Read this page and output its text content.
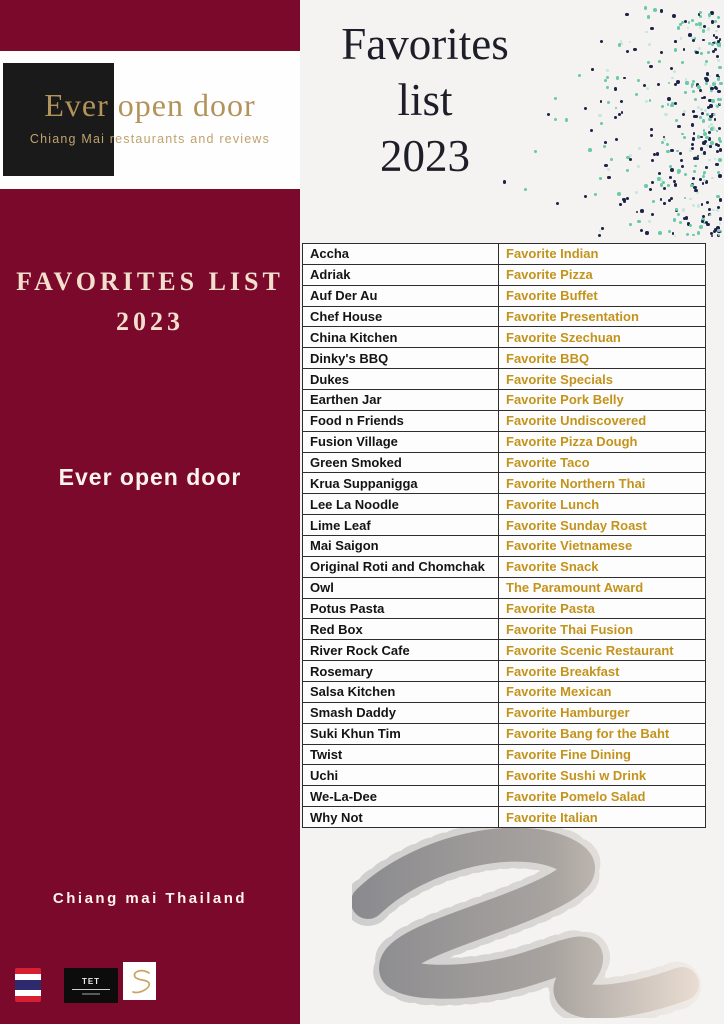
Ever open door
Chiang Mai restaurants and reviews
FAVORITES LIST
2023
Ever open door
Chiang mai Thailand
TET
Favorites
list
2023
Accha	Favorite Indian
Adriak	Favorite Pizza
Auf Der Au	Favorite Buffet
Chef House	Favorite Presentation
China Kitchen	Favorite Szechuan
Dinky's BBQ	Favorite BBQ
Dukes	Favorite Specials
Earthen Jar	Favorite Pork Belly
Food n Friends	Favorite Undiscovered
Fusion Village	Favorite Pizza Dough
Green Smoked	Favorite Taco
Krua Suppanigga	Favorite Northern Thai
Lee La Noodle	Favorite Lunch
Lime Leaf	Favorite Sunday Roast
Mai Saigon	Favorite Vietnamese
Original Roti and Chomchak	Favorite Snack
Owl	The Paramount Award
Potus Pasta	Favorite Pasta
Red Box	Favorite Thai Fusion
River Rock Cafe	Favorite Scenic Restaurant
Rosemary	Favorite Breakfast
Salsa Kitchen	Favorite Mexican
Smash Daddy	Favorite Hamburger
Suki Khun Tim	Favorite Bang for the Baht
Twist	Favorite Fine Dining
Uchi	Favorite Sushi w Drink
We-La-Dee	Favorite Pomelo Salad
Why Not	Favorite Italian
